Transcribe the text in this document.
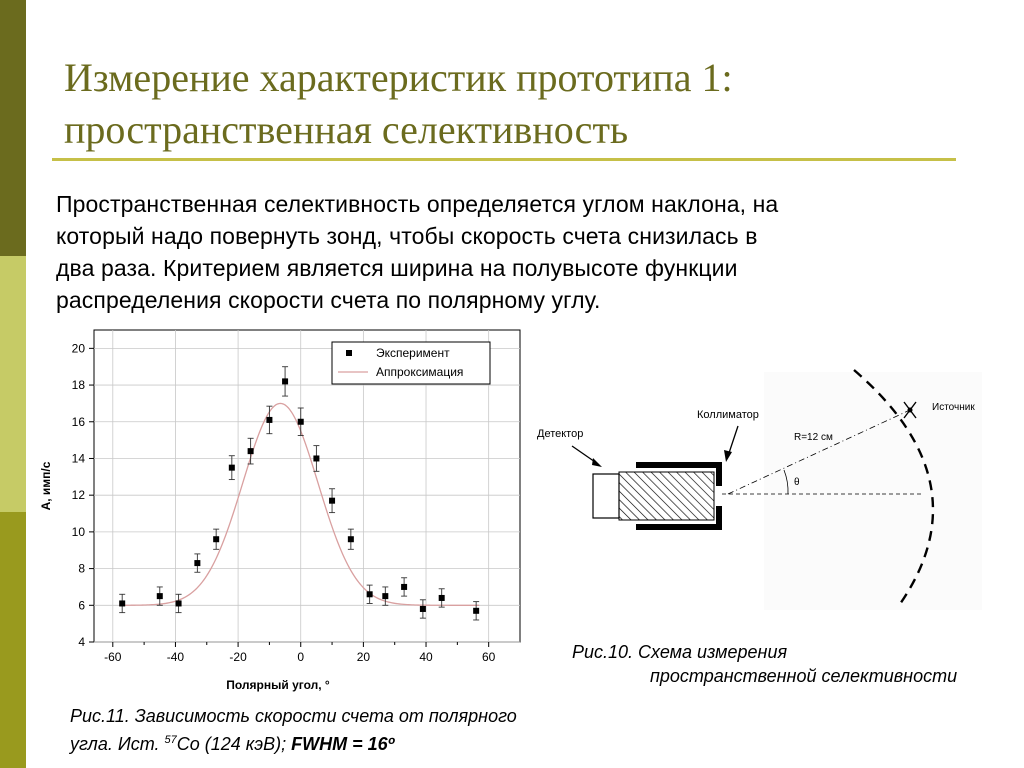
Измерение характеристик прототипа 1:
пространственная селективность
Пространственная селективность определяется углом наклона, на
который надо повернуть зонд, чтобы скорость счета снизилась в
два раза. Критерием является ширина на полувысоте функции
распределения скорости счета по полярному углу.
-60	-40	-20	0	20	40	60
4
6
8
10
12
14
16
18
20
Полярный угол, °
А, имп/с
Эксперимент
Аппроксимация
θ
R=12 см
Источник
Детектор
Коллиматор
Рис.10. Схема измерения
пространственной селективности
Рис.11. Зависимость скорости счета от полярного
угла. Ист. $^{57}$Co (124 кэВ); FWHM = 16º
